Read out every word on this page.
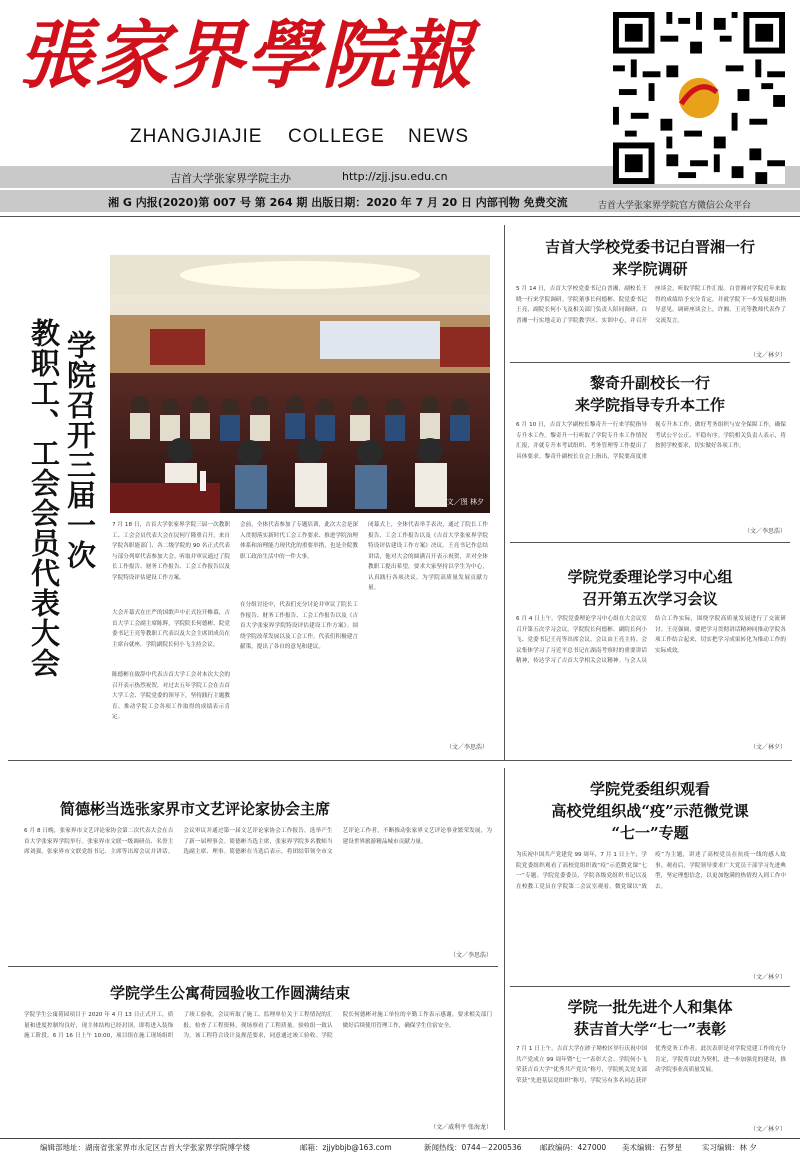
張家界學院報
ZHANGJIAJIE COLLEGE NEWS
吉首大学张家界学院主办	http://zjj.jsu.edu.cn
湘 G 内报(2020)第 007 号 第 264 期 出版日期：2020 年 7 月 20 日 内部刊物 免费交流	吉首大学张家界学院官方微信公众平台
学院召开三届一次
教职工、工会会员代表大会	文／图 林夕
7 月 18 日，吉首大学张家界学院三届一次教职工、工会会员代表大会在民何厅隆重召开。来自学院各职能部门、各二级学院的 90 名正式代表与部分列席代表参加大会。听取并审议通过了院长工作报告、财务工作报告、工会工作报告以及学院特设评估建设工作方案。
大会开幕式在庄严的国歌声中正式拉开帷幕，吉首大学工会副主席陈晖，学院院长何德彬、院党委书记王亮等教职工代表以及大会主席团成员在主席台就座，学院副院长何小飞主持会议。
陈德彬在致辞中代表吉首大学工会对本次大会的召开表示热烈祝贺，对过去五年学院工会在吉首大学工会、学院党委的领导下，坚持践行主题教育、推动学院工会各项工作取得的成绩表示肯定。
会前，全体代表参加了专题培训，此次大会是深入贯彻落实新时代工会工作要求、推进学院治理体系和治理能力现代化的重要举措，也是全院教职工政治生活中的一件大事。
在分组讨论中，代表们充分讨论并审议了院长工作报告、财务工作报告、工会工作报告以及《吉首大学张家界学院特设评估建设工作方案》。围绕学院改革发展以及工会工作，代表们积极建言献策，提出了各自的意见和建议。
闭幕式上，全体代表举手表决，通过了院长工作报告、工会工作报告以及《吉首大学张家界学院特设评估建设工作方案》决议。王亮书记作总结讲话，他对大会的圆满召开表示祝贺，并对全体教职工提出希望，要求大家坚持以学生为中心，认真践行各项决议，为学院高质量发展贡献力量。
（文／李思浩）
吉首大学校党委书记白晋湘一行
来学院调研
5 月 14 日，吉首大学校党委书记白晋湘，副校长王晓一行来学院调研。学院董事长何德彬、院党委书记王亮、副院长何小飞及相关部门负责人陪同调研。白晋湘一行实地走访了学院教学区、实训中心，并召开座谈会，听取学院工作汇报。白晋湘对学院近年来取得的成绩给予充分肯定，并就学院下一步发展提出指导意见。调研座谈会上，许湘、王亮等教师代表作了交流发言。
（文／林夕）
黎奇升副校长一行
来学院指导专升本工作
6 月 10 日，吉首大学副校长黎奇升一行来学院指导专升本工作。黎奇升一行听取了学院专升本工作情况汇报，并就专升本考试组织、考务管理等工作提出了具体要求。黎奇升副校长在会上指出，学院要高度重视专升本工作，做好考务组织与安全保障工作，确保考试公平公正、平稳有序。学院相关负责人表示，将按照学校要求，切实做好各项工作。
（文／李思浩）
学院党委理论学习中心组
召开第五次学习会议
6 月 4 日上午，学院党委理论学习中心组在大会议室召开第五次学习会议。学院院长何德彬、副院长何小飞、党委书记王亮等出席会议，会议由王亮主持。会议集体学习了习近平总书记在湖南考察时的重要讲话精神，传达学习了吉首大学相关会议精神。与会人员结合工作实际，围绕学院高质量发展进行了交流研讨。王亮强调，要把学习贯彻讲话精神同推动学院各项工作结合起来，切实把学习成果转化为推动工作的实际成效。
（文／林夕）
简德彬当选张家界市文艺评论家协会主席
6 月 8 日晚，张家界市文艺评论家协会第二次代表大会在吉首大学张家界学院举行。张家界市文联一级调研员、名誉主席刘强，张家界市文联党组书记、主席等出席会议并讲话。会议审议并通过第一届文艺评论家协会工作报告，选举产生了新一届理事会。简德彬当选主席，张家界学院多名教师当选副主席、理事。简德彬在当选后表示，将团结带领全市文艺评论工作者，不断推动张家界文艺评论事业繁荣发展，为建设世界旅游精品城市贡献力量。
（文／李思浩）
学院党委组织观看
高校党组织战“疫”示范微党课
“七一”专题
为庆祝中国共产党建党 99 周年，7 月 1 日上午，学院党委组织观看了高校党组织战“疫”示范微党课“七一”专题。学院党委委员、学院各级党组织书记以及在校教工党员在学院第二会议室观看。微党课以“战疫”为主题，讲述了高校党员在抗疫一线的感人故事。观看后，学院领导要求广大党员干部学习先进典型，坚定理想信念，以更加饱满的热情投入到工作中去。
（文／林夕）
学院学生公寓荷园验收工作圆满结束
学院学生公寓荷园项目于 2020 年 4 月 13 日正式开工，质量和进度控制均良好，现主体结构已经封顶，即将进入装饰施工阶段。6 月 16 日上午 10:00，项目组在施工现场组织了竣工验收。会议听取了施工、监理单位关于工程情况的汇报，检查了工程资料，现场察看了工程质量。验收组一致认为，该工程符合设计及规范要求，同意通过竣工验收。学院院长何德彬对施工单位的辛勤工作表示感谢，要求相关部门做好后续使用管理工作，确保学生住宿安全。
（文／戚利平 张海龙）
学院一批先进个人和集体
获吉首大学“七一”表彰
7 月 1 日上午，吉首大学在砂子坳校区举行庆祝中国共产党成立 99 周年暨“七一”表彰大会。学院何小飞荣获吉首大学“优秀共产党员”称号，学院机关党支部荣获“先进基层党组织”称号，学院另有多名同志获评优秀党务工作者。此次表彰是对学院党建工作的充分肯定，学院将以此为契机，进一步加强党的建设，推动学院事业高质量发展。
（文／林夕）
编辑部地址：湖南省张家界市永定区吉首大学张家界学院博学楼	邮箱：zjjybbjb@163.com	新闻热线：0744－2200536 邮政编码：427000 美术编辑：石梦星	实习编辑：林 夕
